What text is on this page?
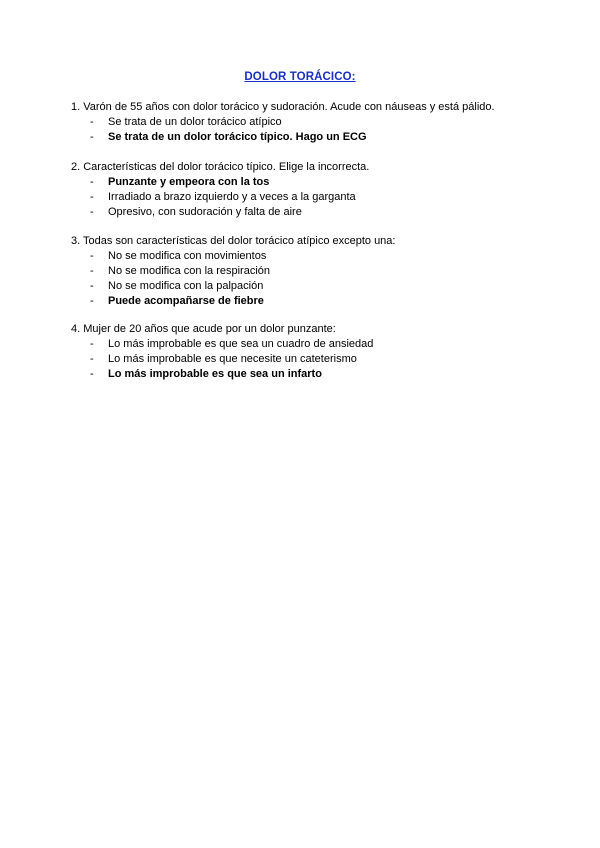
DOLOR TORÁCICO:
1. Varón de 55 años con dolor torácico y sudoración. Acude con náuseas y está pálido.
- Se trata de un dolor torácico atípico
- Se trata de un dolor torácico típico. Hago un ECG
2. Características del dolor torácico típico. Elige la incorrecta.
- Punzante y empeora con la tos
- Irradiado a brazo izquierdo y a veces a la garganta
- Opresivo, con sudoración y falta de aire
3. Todas son características del dolor torácico atípico excepto una:
- No se modifica con movimientos
- No se modifica con la respiración
- No se modifica con la palpación
- Puede acompañarse de fiebre
4. Mujer de 20 años que acude por un dolor punzante:
- Lo más improbable es que sea un cuadro de ansiedad
- Lo más improbable es que necesite un cateterismo
- Lo más improbable es que sea un infarto
